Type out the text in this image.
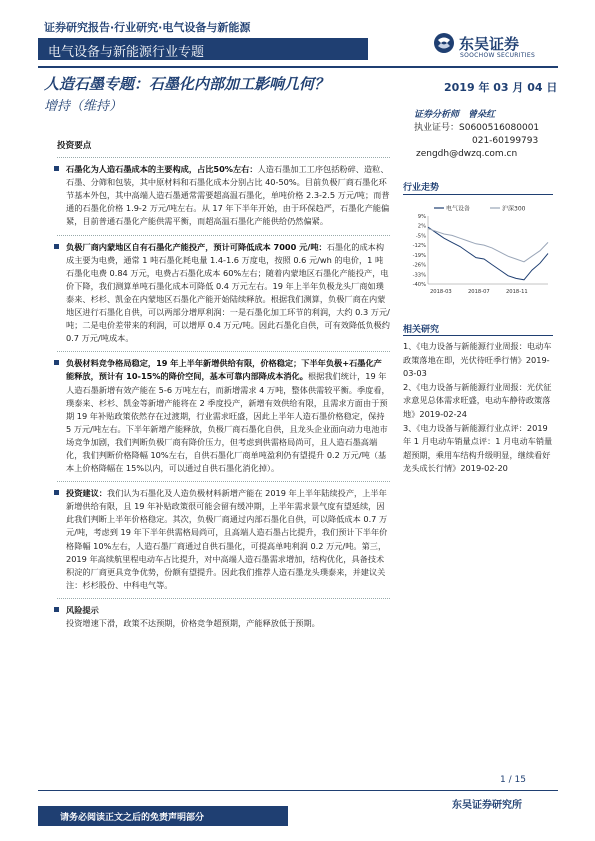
证券研究报告·行业研究·电气设备与新能源
电气设备与新能源行业专题	东吴证券
SOOCHOW SECURITIES
人造石墨专题：石墨化内部加工影响几何？	2019 年 03 月 04 日
增持（维持）
证券分析师　曾朵红
执业证号：S0600516080001
021-60199793
zengdh@dwzq.com.cn
投资要点
石墨化为人造石墨成本的主要构成，占比50%左右：人造石墨加工工序包括粉碎、造粒、石墨、分筛和包装，其中原材料和石墨化成本分别占比 40-50%。目前负极厂商石墨化环节基本外包，其中高端人造石墨通常需要超高温石墨化，单吨价格 2.3-2.5 万元/吨；而普通的石墨化价格 1.9-2 万元/吨左右。从 17 年下半年开始，由于环保趋严，石墨化产能偏紧，目前普通石墨化产能供需平衡，而超高温石墨化产能供给仍然偏紧。
负极厂商内蒙地区自有石墨化产能投产，预计可降低成本 7000 元/吨：石墨化的成本构成主要为电费，通常 1 吨石墨化耗电量 1.4-1.6 万度电，按照 0.6 元/wh 的电价，1 吨石墨化电费 0.84 万元，电费占石墨化成本 60%左右；随着内蒙地区石墨化产能投产，电价下降，我们测算单吨石墨化成本可降低 0.4 万元左右。19 年上半年负极龙头厂商如璞泰来、杉杉、凯金在内蒙地区石墨化产能开始陆续释放。根据我们测算，负极厂商在内蒙地区进行石墨化自供，可以两部分增厚利润：一是石墨化加工环节的利润，大约 0.3 万元/吨；二是电价差带来的利润，可以增厚 0.4 万元/吨。因此石墨化自供，可有效降低负极约 0.7 万元/吨成本。
负极材料竞争格局稳定，19 年上半年新增供给有限，价格稳定；下半年负极+石墨化产能释放，预计有 10-15%的降价空间，基本可靠内部降成本消化。根据我们统计，19 年人造石墨新增有效产能在 5-6 万吨左右，而新增需求 4 万吨，整体供需较平衡。季度看，璞泰来、杉杉、凯金等新增产能将在 2 季度投产，新增有效供给有限，且需求方面由于预期 19 年补贴政策依然存在过渡期，行业需求旺盛，因此上半年人造石墨价格稳定，保持 5 万元/吨左右。下半年新增产能释放，负极厂商石墨化自供，且龙头企业面向动力电池市场竞争加剧，我们判断负极厂商有降价压力，但考虑到供需格局尚可，且人造石墨高端化，我们判断价格降幅 10%左右，自供石墨化厂商单吨盈利仍有望提升 0.2 万元/吨（基本上价格降幅在 15%以内，可以通过自供石墨化消化掉）。
投资建议：我们认为石墨化及人造负极材料新增产能在 2019 年上半年陆续投产，上半年新增供给有限，且 19 年补贴政策很可能会留有缓冲期，上半年需求景气度有望延续，因此我们判断上半年价格稳定。其次，负极厂商通过内部石墨化自供，可以降低成本 0.7 万元/吨，考虑到 19 年下半年供需格局尚可，且高端人造石墨占比提升，我们预计下半年价格降幅 10%左右，人造石墨厂商通过自供石墨化，可提高单吨利润 0.2 万元/吨。第三，2019 年高续航里程电动车占比提升，对中高端人造石墨需求增加，结构优化，具备技术积淀的厂商更具竞争优势，份额有望提升。因此我们推荐人造石墨龙头璞泰来，并建议关注：杉杉股份、中科电气等。
风险提示
投资增速下滑，政策不达预期，价格竞争超预期，产能释放低于预期。
行业走势
电气设备	沪深300
9%
2%
-5%
-12%
-19%
-26%
-33%
-40%
2018-03	2018-07	2018-11
相关研究
1、《电力设备与新能源行业周报：电动车政策落地在即，光伏待旺季行情》2019-03-03
2、《电力设备与新能源行业周报：光伏征求意见总体需求旺盛，电动车静待政策落地》2019-02-24
3、《电力设备与新能源行业点评：2019 年 1 月电动车销量点评：1 月电动车销量超预期，乘用车结构升级明显，继续看好龙头成长行情》2019-02-20
1 / 15
请务必阅读正文之后的免责声明部分
东吴证券研究所
